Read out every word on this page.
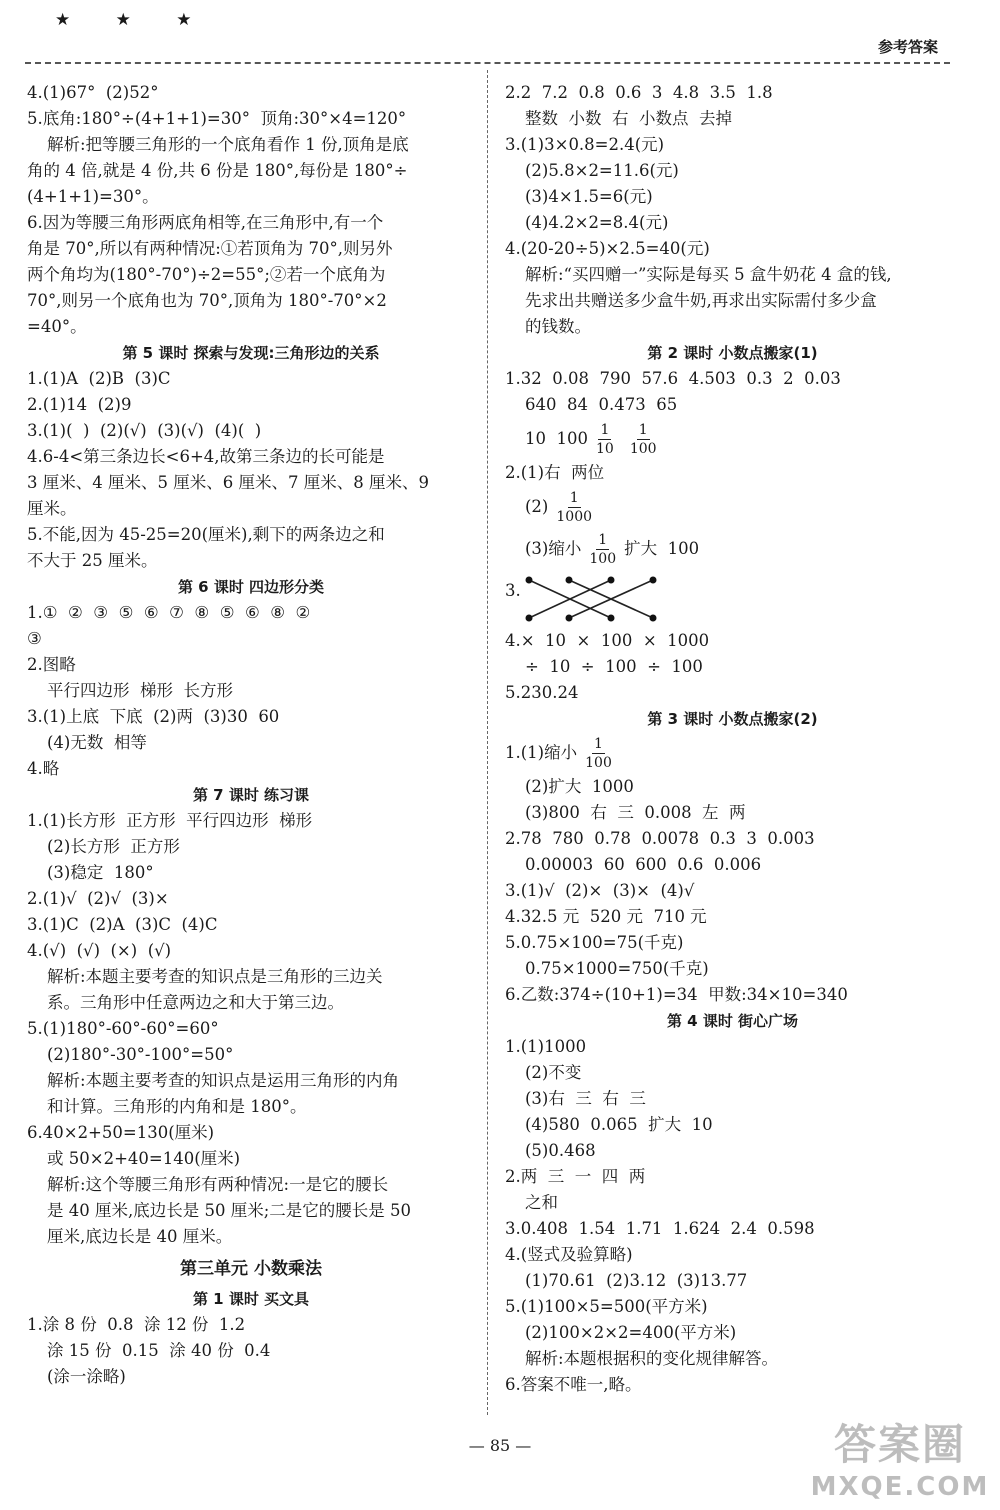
★ ★ ★
参考答案
4.(1)67°  (2)52°
5.底角:180°÷(4+1+1)=30°  顶角:30°×4=120°
解析:把等腰三角形的一个底角看作 1 份,顶角是底
角的 4 倍,就是 4 份,共 6 份是 180°,每份是 180°÷
(4+1+1)=30°。
6.因为等腰三角形两底角相等,在三角形中,有一个
角是 70°,所以有两种情况:①若顶角为 70°,则另外
两个角均为(180°-70°)÷2=55°;②若一个底角为
70°,则另一个底角也为 70°,顶角为 180°-70°×2
=40°。
第 5 课时 探索与发现:三角形边的关系
1.(1)A  (2)B  (3)C
2.(1)14  (2)9
3.(1)(  )  (2)(√)  (3)(√)  (4)(  )
4.6-4<第三条边长<6+4,故第三条边的长可能是
3 厘米、4 厘米、5 厘米、6 厘米、7 厘米、8 厘米、9
厘米。
5.不能,因为 45-25=20(厘米),剩下的两条边之和
不大于 25 厘米。
第 6 课时 四边形分类
1.①  ②  ③  ⑤  ⑥  ⑦  ⑧  ⑤  ⑥  ⑧  ②
③
2.图略
平行四边形  梯形  长方形
3.(1)上底  下底  (2)两  (3)30  60
(4)无数  相等
4.略
第 7 课时 练习课
1.(1)长方形  正方形  平行四边形  梯形
(2)长方形  正方形
(3)稳定  180°
2.(1)√  (2)√  (3)×
3.(1)C  (2)A  (3)C  (4)C
4.(√)  (√)  (×)  (√)
解析:本题主要考查的知识点是三角形的三边关
系。三角形中任意两边之和大于第三边。
5.(1)180°-60°-60°=60°
(2)180°-30°-100°=50°
解析:本题主要考查的知识点是运用三角形的内角
和计算。三角形的内角和是 180°。
6.40×2+50=130(厘米)
或 50×2+40=140(厘米)
解析:这个等腰三角形有两种情况:一是它的腰长
是 40 厘米,底边长是 50 厘米;二是它的腰长是 50
厘米,底边长是 40 厘米。
第三单元 小数乘法
第 1 课时 买文具
1.涂 8 份  0.8  涂 12 份  1.2
涂 15 份  0.15  涂 40 份  0.4
(涂一涂略)
2.2  7.2  0.8  0.6  3  4.8  3.5  1.8
整数  小数  右  小数点  去掉
3.(1)3×0.8=2.4(元)
(2)5.8×2=11.6(元)
(3)4×1.5=6(元)
(4)4.2×2=8.4(元)
4.(20-20÷5)×2.5=40(元)
解析:“买四赠一”实际是每买 5 盒牛奶花 4 盒的钱,
先求出共赠送多少盒牛奶,再求出实际需付多少盒
的钱数。
第 2 课时 小数点搬家(1)
1.32  0.08  790  57.6  4.503  0.3  2  0.03
640  84  0.473  65
10  $100 \frac{1}{10} \frac{1}{100}$
2.(1)右  两位
$(2) \frac{1}{1000}$
(3)缩小 $\frac{1}{100}$ 扩大  100
3.
4.×  10  ×  100  ×  1000
÷  10  ÷  100  ÷  100
5.230.24
第 3 课时 小数点搬家(2)
1.(1)缩小 $\frac{1}{100}$
(2)扩大  1000
(3)800  右  三  0.008  左  两
2.78  780  0.78  0.0078  0.3  3  0.003
0.00003  60  600  0.6  0.006
3.(1)√  (2)×  (3)×  (4)√
4.32.5 元  520 元  710 元
5.0.75×100=75(千克)
0.75×1000=750(千克)
6.乙数:374÷(10+1)=34  甲数:34×10=340
第 4 课时 街心广场
1.(1)1000
(2)不变
(3)右  三  右  三
(4)580  0.065  扩大  10
(5)0.468
2.两  三  一  四  两
之和
3.0.408  1.54  1.71  1.624  2.4  0.598
4.(竖式及验算略)
(1)70.61  (2)3.12  (3)13.77
5.(1)100×5=500(平方米)
(2)100×2×2=400(平方米)
解析:本题根据积的变化规律解答。
6.答案不唯一,略。
— 85 —	答案圈
MXQE.COM
